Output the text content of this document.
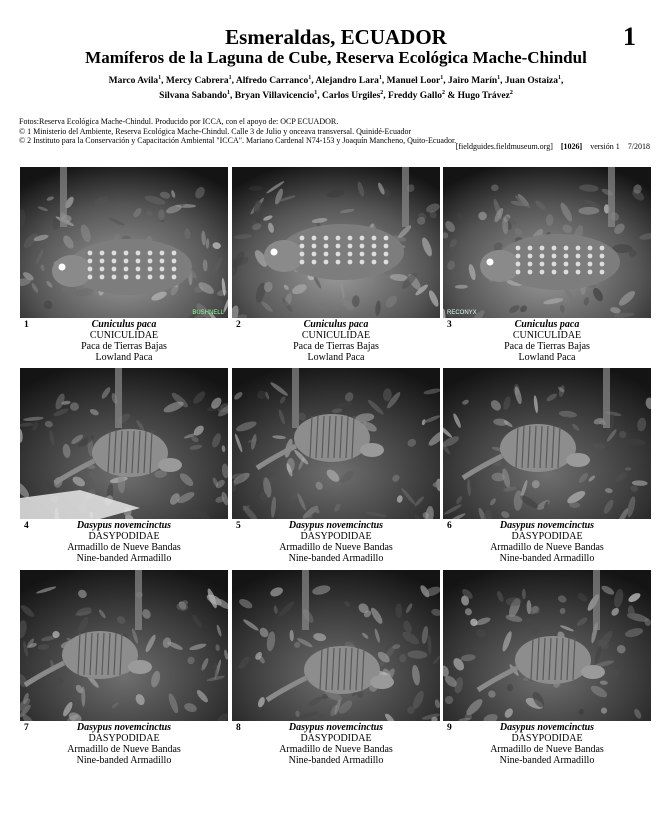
Esmeraldas, ECUADOR
Mamíferos de la Laguna de Cube, Reserva Ecológica Mache-Chindul
1
Marco Avila$^1$, Mercy Cabrera$^1$, Alfredo Carranco$^1$, Alejandro Lara$^1$, Manuel Loor$^1$, Jairo Marín$^1$, Juan Ostaiza$^1$,
Silvana Sabando$^1$, Bryan Villavicencio$^1$, Carlos Urgiles$^2$, Freddy Gallo$^2$ & Hugo Trávez$^2$
Fotos:Reserva Ecológica Mache-Chindul. Producido por ICCA, con el apoyo de: OCP ECUADOR.
© 1 Ministerio del Ambiente, Reserva Ecológica Mache-Chindul. Calle 3 de Julio y onceava transversal. Quinidé-Ecuador
© 2 Instituto para la Conservación y Capacitación Ambiental "ICCA". Mariano Cardenal N74-153 y Joaquín Mancheno, Quito-Ecuador.
[fieldguides.fieldmuseum.org] [1026] versión 1 7/2018
BUSHNELL
1	Cuniculus paca
CUNICULIDAE
Paca de Tierras Bajas
Lowland Paca
2	Cuniculus paca
CUNICULIDAE
Paca de Tierras Bajas
Lowland Paca
RECONYX
3	Cuniculus paca
CUNICULIDAE
Paca de Tierras Bajas
Lowland Paca
4	Dasypus novemcinctus
DASYPODIDAE
Armadillo de Nueve Bandas
Nine-banded Armadillo
5	Dasypus novemcinctus
DASYPODIDAE
Armadillo de Nueve Bandas
Nine-banded Armadillo
6	Dasypus novemcinctus
DASYPODIDAE
Armadillo de Nueve Bandas
Nine-banded Armadillo
7	Dasypus novemcinctus
DASYPODIDAE
Armadillo de Nueve Bandas
Nine-banded Armadillo
8	Dasypus novemcinctus
DASYPODIDAE
Armadillo de Nueve Bandas
Nine-banded Armadillo
9	Dasypus novemcinctus
DASYPODIDAE
Armadillo de Nueve Bandas
Nine-banded Armadillo
